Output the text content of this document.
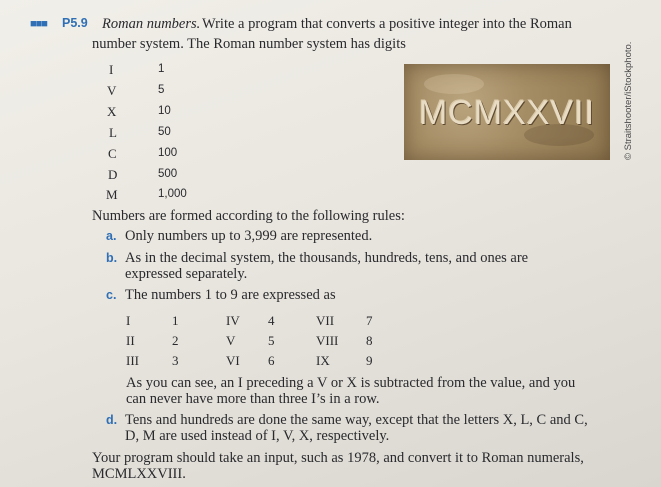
■■■ P5.9 Roman numbers. Write a program that converts a positive integer into the Roman
number system. The Roman number system has digits
I	1
V	5
X	10
L	50
C	100
D	500
M	1,000
MCMXXVII	© Straitshooter/iStockphoto.
Numbers are formed according to the following rules:
a. Only numbers up to 3,999 are represented.
b. As in the decimal system, the thousands, hundreds, tens, and ones are
expressed separately.
c. The numbers 1 to 9 are expressed as
I	1	IV 4	VII 7
II	2	V	5	VIII 8
III	3	VI 6	IX	9
As you can see, an I preceding a V or X is subtracted from the value, and you
can never have more than three I’s in a row.
d. Tens and hundreds are done the same way, except that the letters X, L, C and C,
D, M are used instead of I, V, X, respectively.
Your program should take an input, such as 1978, and convert it to Roman numerals,
MCMLXXVIII.
